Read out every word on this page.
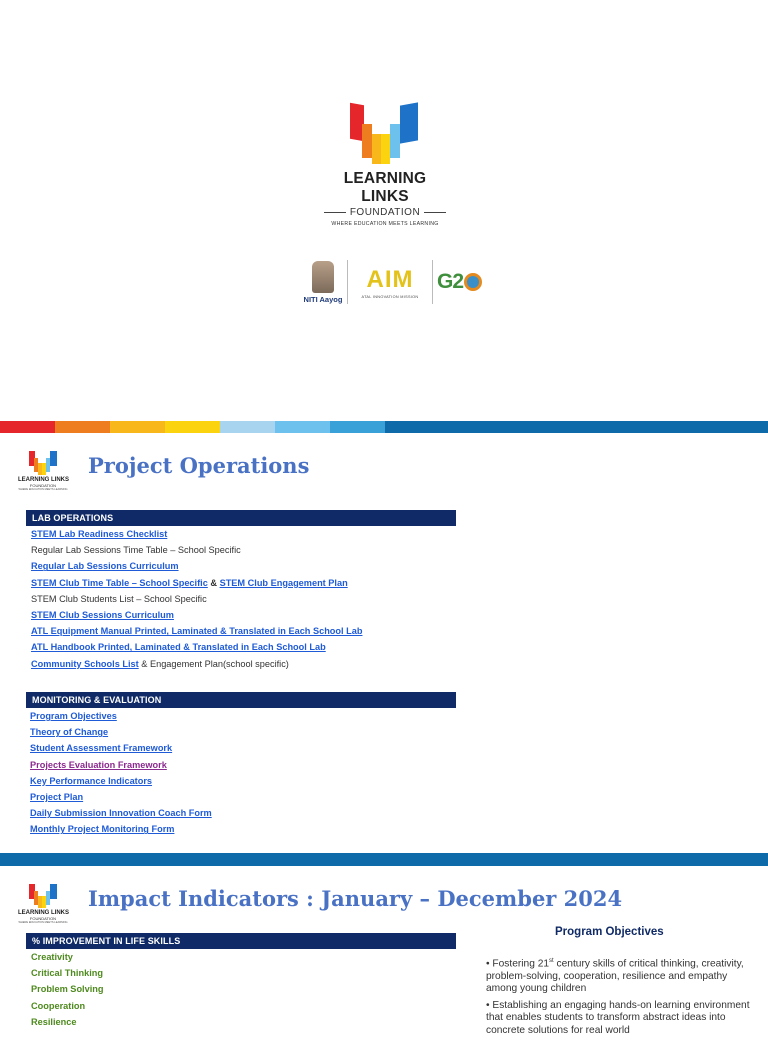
LEARNING LINKS
FOUNDATION
WHERE EDUCATION MEETS LEARNING
NITI Aayog
AIM
ATAL INNOVATION MISSION
G2
LEARNING LINKS
FOUNDATION
WHERE EDUCATION MEETS LEARNING
Project Operations
LAB OPERATIONS
STEM Lab Readiness Checklist
Regular Lab Sessions Time Table – School Specific
Regular Lab Sessions Curriculum
STEM Club Time Table – School Specific & STEM Club Engagement Plan
STEM Club Students List – School Specific
STEM Club Sessions Curriculum
ATL Equipment Manual Printed, Laminated & Translated in Each School Lab
ATL Handbook Printed, Laminated & Translated in Each School Lab
Community Schools List & Engagement Plan(school specific)
MONITORING & EVALUATION
Program Objectives
Theory of Change
Student Assessment Framework
Projects Evaluation Framework
Key Performance Indicators
Project Plan
Daily Submission Innovation Coach Form
Monthly Project Monitoring Form
LEARNING LINKS
FOUNDATION
WHERE EDUCATION MEETS LEARNING
Impact Indicators : January – December 2024
% IMPROVEMENT IN LIFE SKILLS
Creativity
Critical Thinking
Problem Solving
Cooperation
Resilience
Program Objectives

• Fostering 21st century skills of critical thinking, creativity, problem-solving, cooperation, resilience and empathy among young children

• Establishing an engaging hands-on learning environment that enables students to transform abstract ideas into concrete solutions for real world
